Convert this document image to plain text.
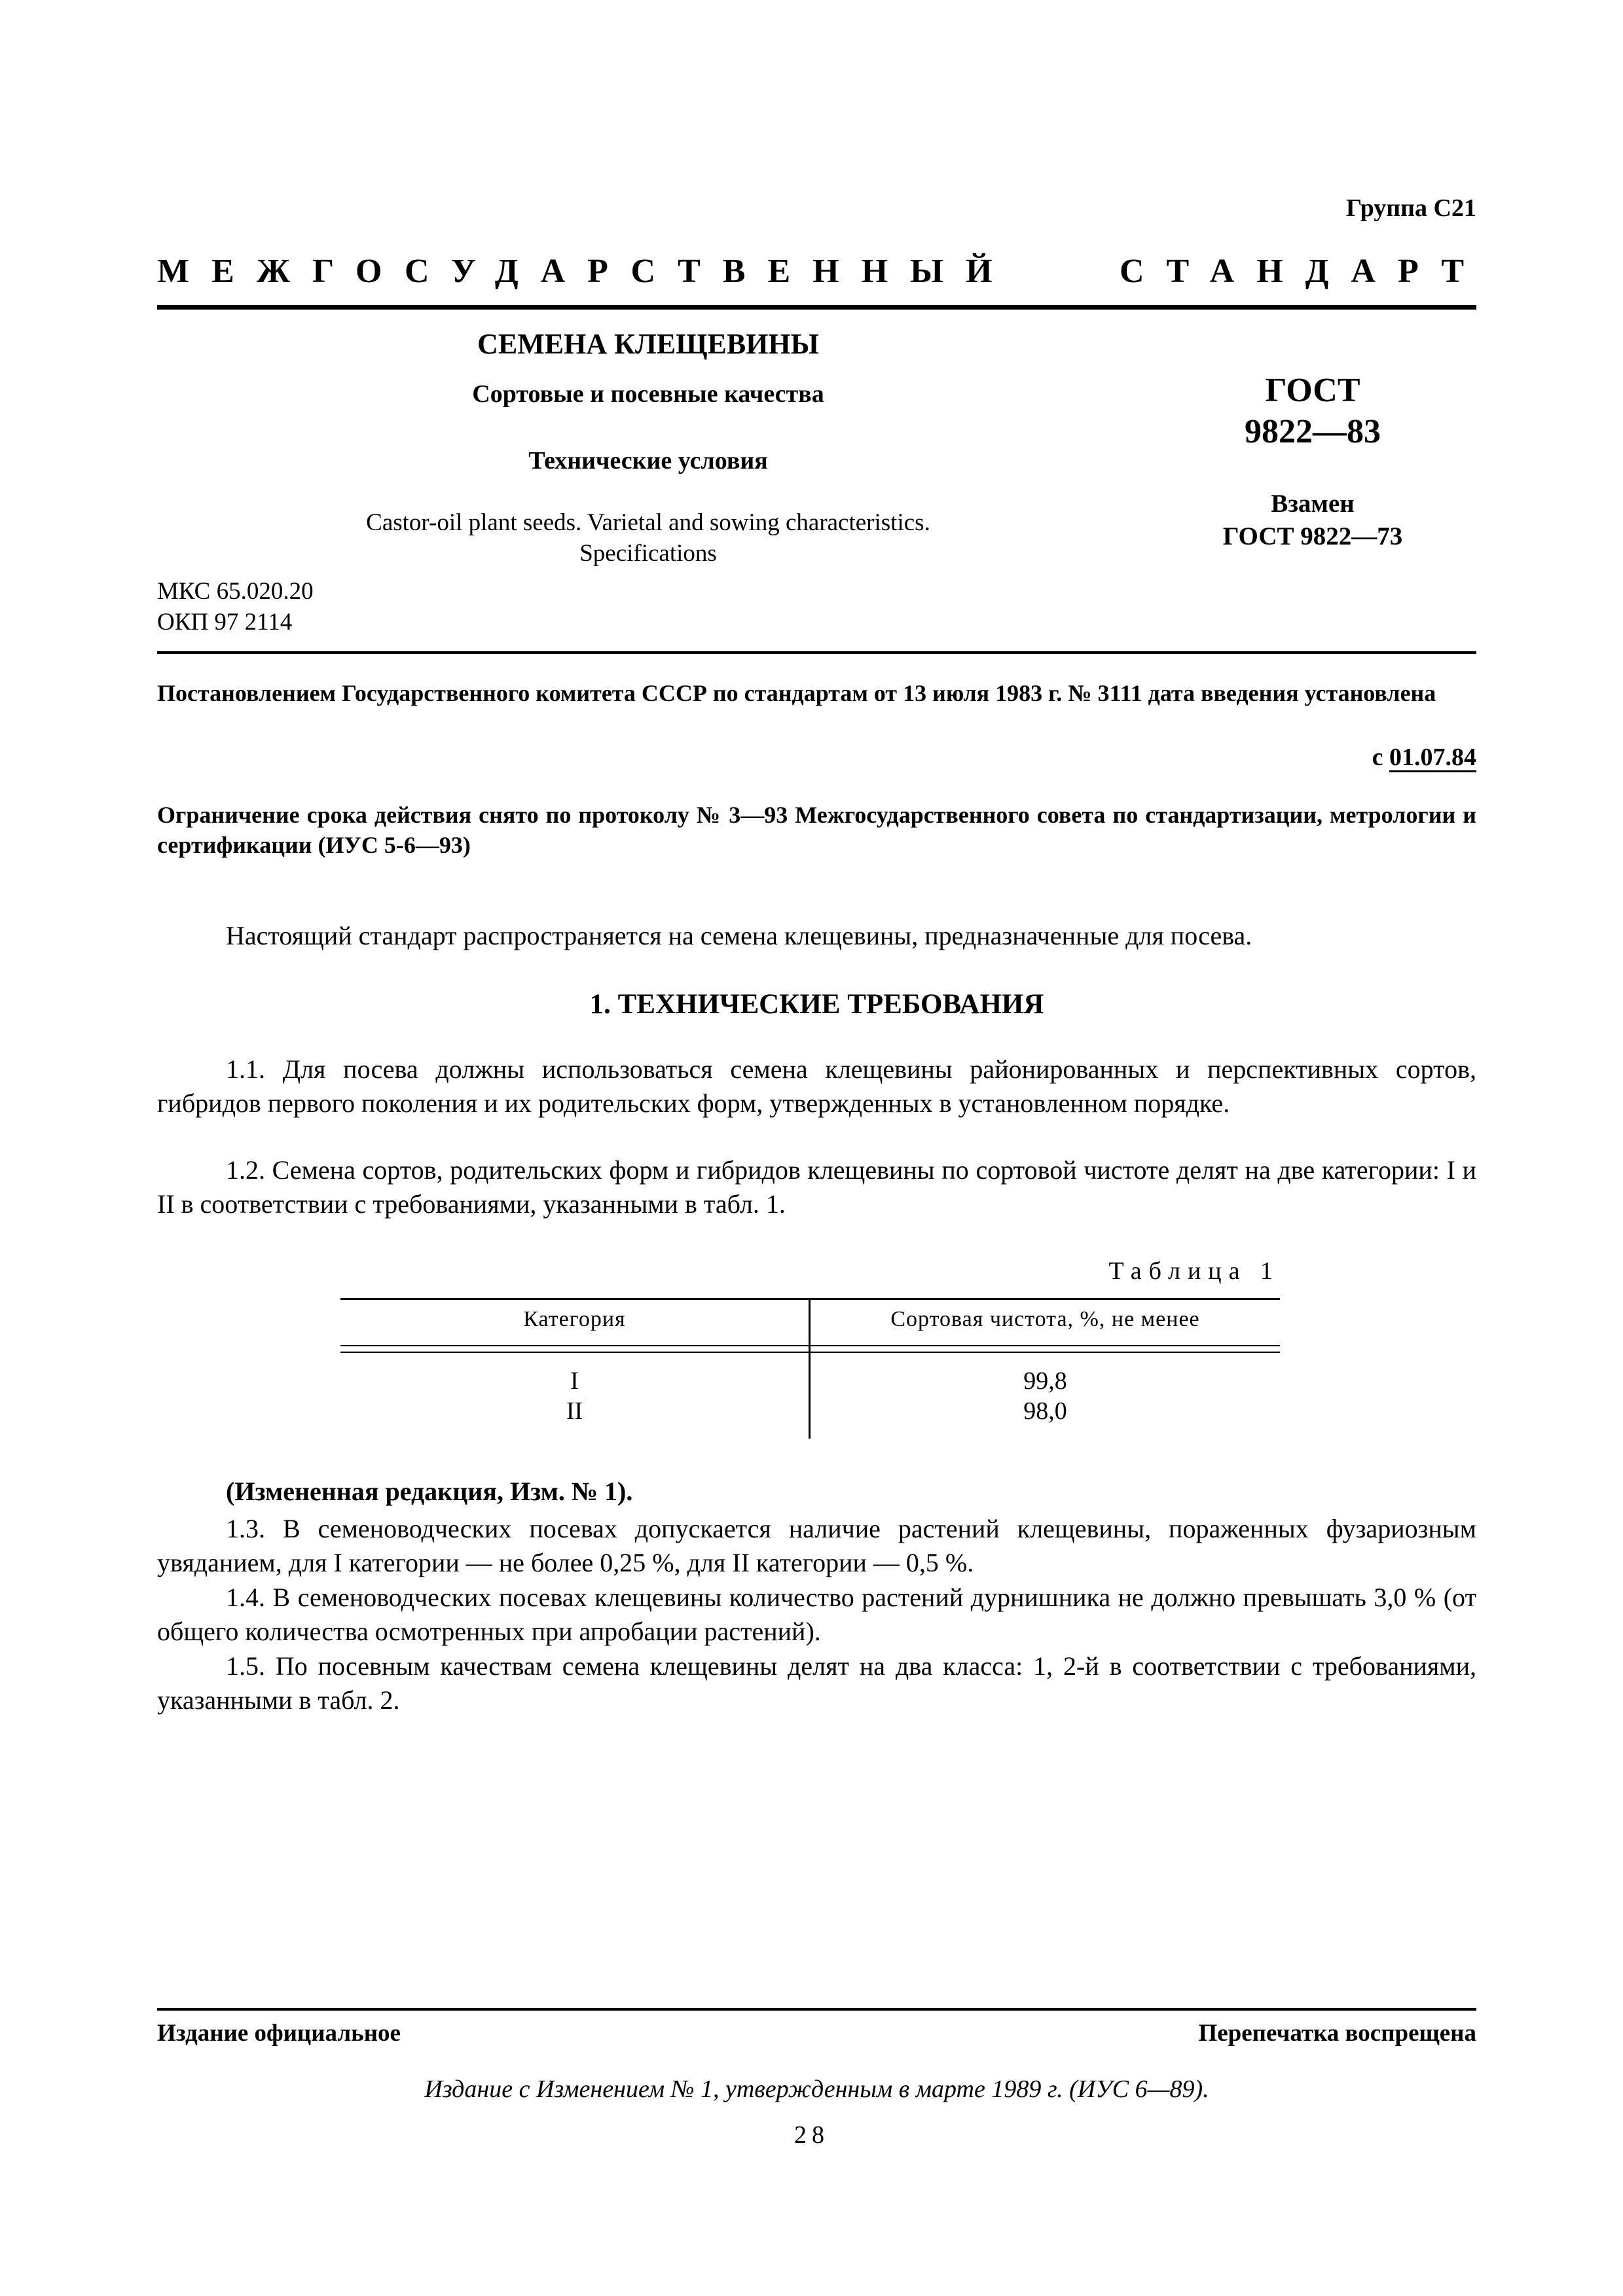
Группа С21
МЕЖГОСУДАРСТВЕННЫЙ	СТАНДАРТ
СЕМЕНА КЛЕЩЕВИНЫ
Сортовые и посевные качества
Технические условия
Castor-oil plant seeds. Varietal and sowing characteristics.
Specifications
ГОСТ
9822—83
Взамен
ГОСТ 9822—73
МКС 65.020.20
ОКП 97 2114
Постановлением Государственного комитета СССР по стандартам от 13 июля 1983 г. № 3111 дата введения установлена
с 01.07.84
Ограничение срока действия снято по протоколу № 3—93 Межгосударственного совета по стандартизации, метрологии и сертификации (ИУС 5-6—93)
Настоящий стандарт распространяется на семена клещевины, предназначенные для посева.
1. ТЕХНИЧЕСКИЕ ТРЕБОВАНИЯ
1.1. Для посева должны использоваться семена клещевины районированных и перспективных сортов, гибридов первого поколения и их родительских форм, утвержденных в установленном порядке.
1.2. Семена сортов, родительских форм и гибридов клещевины по сортовой чистоте делят на две категории: I и II в соответствии с требованиями, указанными в табл. 1.
Таблица 1
Категория	Сортовая чистота, %, не менее
I	99,8
II	98,0
(Измененная редакция, Изм. № 1).
1.3. В семеноводческих посевах допускается наличие растений клещевины, пораженных фузариозным увяданием, для I категории — не более 0,25 %, для II категории — 0,5 %.
1.4. В семеноводческих посевах клещевины количество растений дурнишника не должно превышать 3,0 % (от общего количества осмотренных при апробации растений).
1.5. По посевным качествам семена клещевины делят на два класса: 1, 2-й в соответствии с требованиями, указанными в табл. 2.
Издание официальное	Перепечатка воспрещена
Издание с Изменением № 1, утвержденным в марте 1989 г. (ИУС 6—89).
28
